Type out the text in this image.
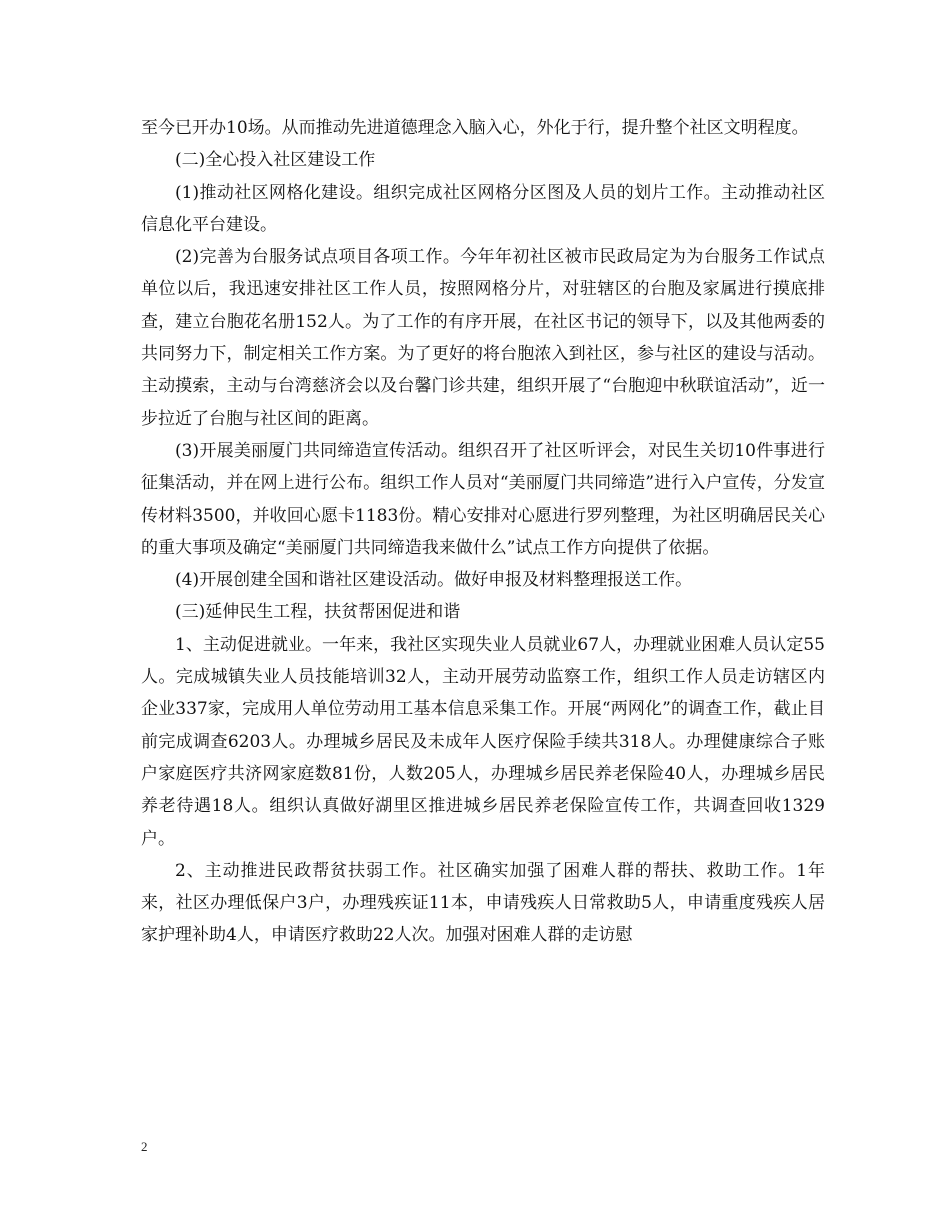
至今已开办10场。从而推动先进道德理念入脑入心，外化于行，提升整个社区文明程度。

(二)全心投入社区建设工作

(1)推动社区网格化建设。组织完成社区网格分区图及人员的划片工作。主动推动社区信息化平台建设。

(2)完善为台服务试点项目各项工作。今年年初社区被市民政局定为为台服务工作试点单位以后，我迅速安排社区工作人员，按照网格分片，对驻辖区的台胞及家属进行摸底排查，建立台胞花名册152人。为了工作的有序开展，在社区书记的领导下，以及其他两委的共同努力下，制定相关工作方案。为了更好的将台胞浓入到社区，参与社区的建设与活动。主动摸索，主动与台湾慈济会以及台馨门诊共建，组织开展了“台胞迎中秋联谊活动”，近一步拉近了台胞与社区间的距离。

(3)开展美丽厦门共同缔造宣传活动。组织召开了社区听评会，对民生关切10件事进行征集活动，并在网上进行公布。组织工作人员对“美丽厦门共同缔造”进行入户宣传，分发宣传材料3500，并收回心愿卡1183份。精心安排对心愿进行罗列整理，为社区明确居民关心的重大事项及确定“美丽厦门共同缔造我来做什么”试点工作方向提供了依据。

(4)开展创建全国和谐社区建设活动。做好申报及材料整理报送工作。

(三)延伸民生工程，扶贫帮困促进和谐

1、主动促进就业。一年来，我社区实现失业人员就业67人，办理就业困难人员认定55人。完成城镇失业人员技能培训32人，主动开展劳动监察工作，组织工作人员走访辖区内企业337家，完成用人单位劳动用工基本信息采集工作。开展“两网化”的调查工作，截止目前完成调查6203人。办理城乡居民及未成年人医疗保险手续共318人。办理健康综合子账户家庭医疗共济网家庭数81份，人数205人，办理城乡居民养老保险40人，办理城乡居民养老待遇18人。组织认真做好湖里区推进城乡居民养老保险宣传工作，共调查回收1329户。

2、主动推进民政帮贫扶弱工作。社区确实加强了困难人群的帮扶、救助工作。1年来，社区办理低保户3户，办理残疾证11本，申请残疾人日常救助5人，申请重度残疾人居家护理补助4人，申请医疗救助22人次。加强对困难人群的走访慰

2
